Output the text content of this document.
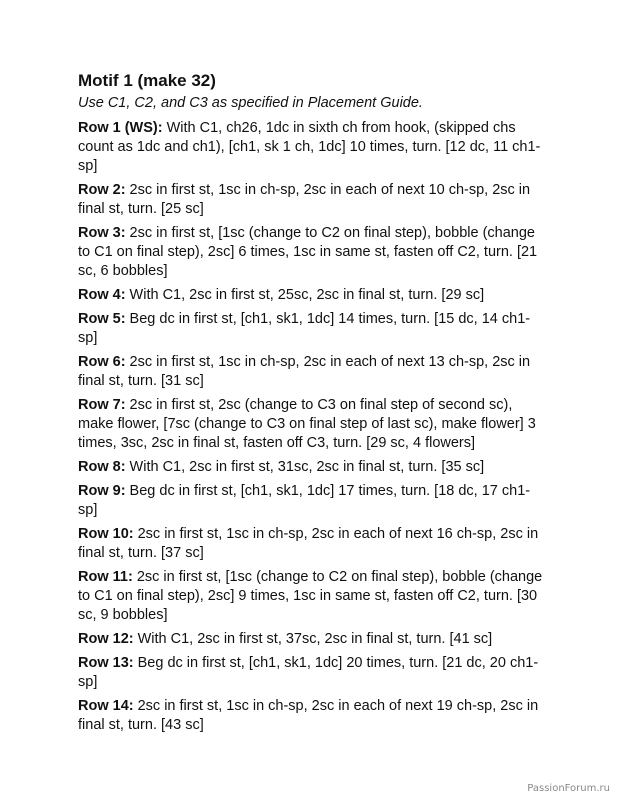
Motif 1 (make 32)
Use C1, C2, and C3 as specified in Placement Guide.
Row 1 (WS): With C1, ch26, 1dc in sixth ch from hook, (skipped chs count as 1dc and ch1), [ch1, sk 1 ch, 1dc] 10 times, turn. [12 dc, 11 ch1-sp]
Row 2: 2sc in first st, 1sc in ch-sp, 2sc in each of next 10 ch-sp, 2sc in final st, turn. [25 sc]
Row 3: 2sc in first st, [1sc (change to C2 on final step), bobble (change to C1 on final step), 2sc] 6 times, 1sc in same st, fasten off C2, turn. [21 sc, 6 bobbles]
Row 4: With C1, 2sc in first st, 25sc, 2sc in final st, turn. [29 sc]
Row 5: Beg dc in first st, [ch1, sk1, 1dc] 14 times, turn. [15 dc, 14 ch1-sp]
Row 6: 2sc in first st, 1sc in ch-sp, 2sc in each of next 13 ch-sp, 2sc in final st, turn. [31 sc]
Row 7: 2sc in first st, 2sc (change to C3 on final step of second sc), make flower, [7sc (change to C3 on final step of last sc), make flower] 3 times, 3sc, 2sc in final st, fasten off C3, turn. [29 sc, 4 flowers]
Row 8: With C1, 2sc in first st, 31sc, 2sc in final st, turn. [35 sc]
Row 9: Beg dc in first st, [ch1, sk1, 1dc] 17 times, turn. [18 dc, 17 ch1-sp]
Row 10: 2sc in first st, 1sc in ch-sp, 2sc in each of next 16 ch-sp, 2sc in final st, turn. [37 sc]
Row 11: 2sc in first st, [1sc (change to C2 on final step), bobble (change to C1 on final step), 2sc] 9 times, 1sc in same st, fasten off C2, turn. [30 sc, 9 bobbles]
Row 12: With C1, 2sc in first st, 37sc, 2sc in final st, turn. [41 sc]
Row 13: Beg dc in first st, [ch1, sk1, 1dc] 20 times, turn. [21 dc, 20 ch1-sp]
Row 14: 2sc in first st, 1sc in ch-sp, 2sc in each of next 19 ch-sp, 2sc in final st, turn. [43 sc]
PassionForum.ru
